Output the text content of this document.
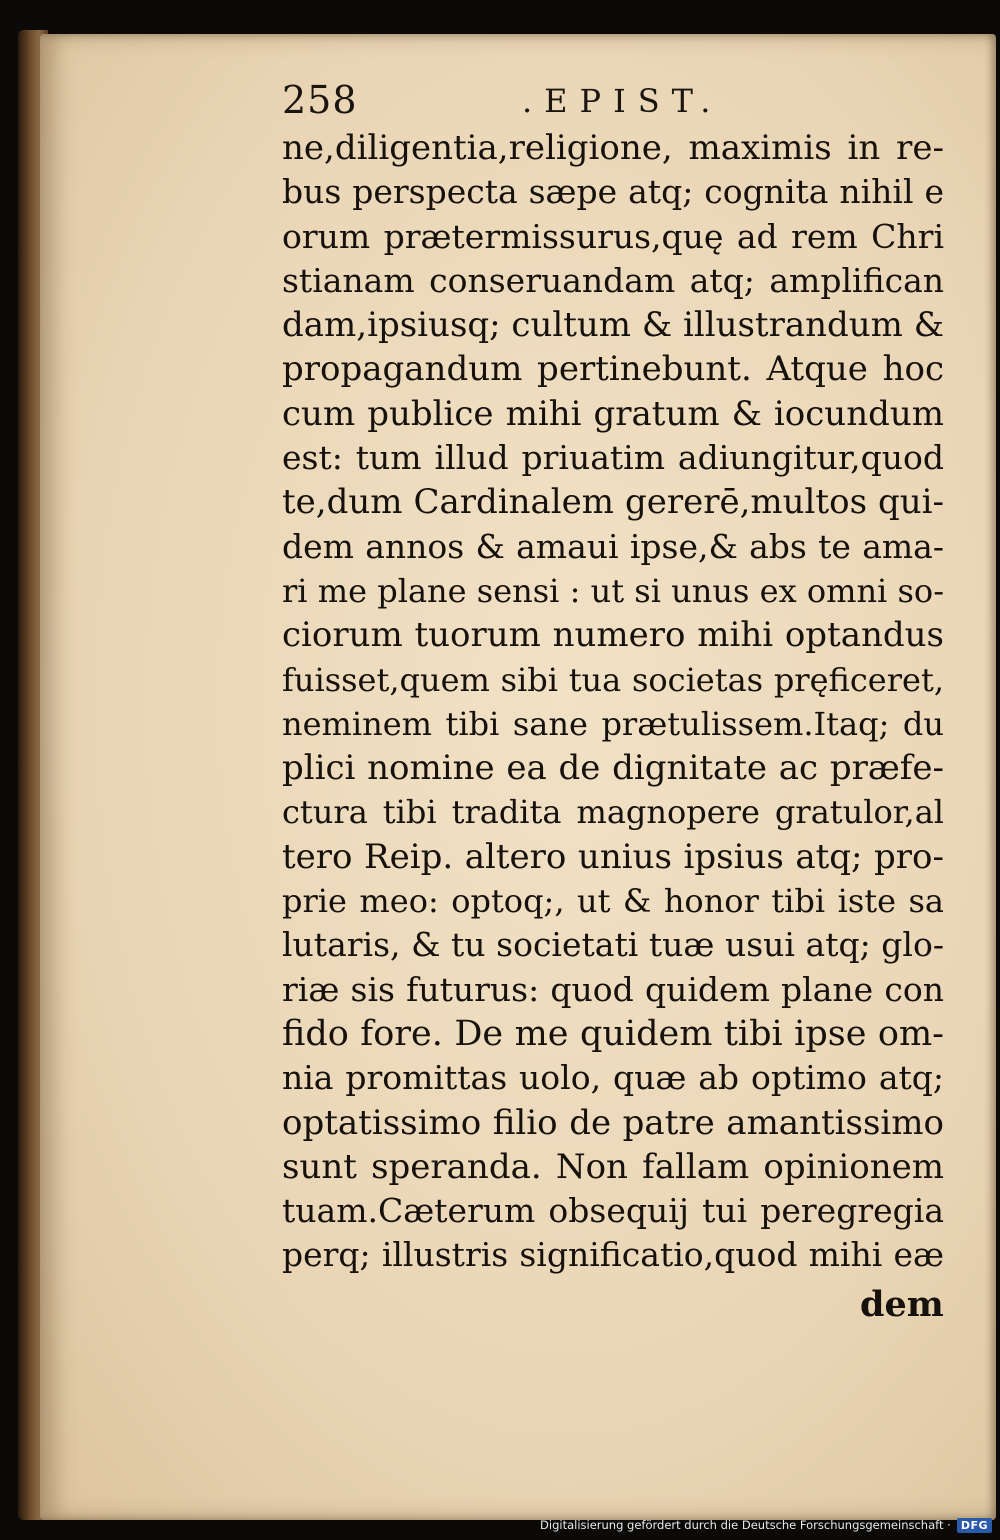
258	.EPIST.
ne,diligentia,religione, maximis in re-
bus perspecta sæpe atq; cognita nihil e
orum prætermissurus,quę ad rem Chri
stianam conseruandam atq; amplifican
dam,ipsiusq; cultum & illustrandum &
propagandum pertinebunt. Atque hoc
cum publice mihi gratum & iocundum
est: tum illud priuatim adiungitur,quod
te,dum Cardinalem gererē,multos qui-
dem annos & amaui ipse,& abs te ama-
ri me plane sensi : ut si unus ex omni so-
ciorum tuorum numero mihi optandus
fuisset,quem sibi tua societas pręficeret,
neminem tibi sane prætulissem.Itaq; du
plici nomine ea de dignitate ac præfe-
ctura tibi tradita magnopere gratulor,al
tero Reip. altero unius ipsius atq; pro-
prie meo: optoq;, ut & honor tibi iste sa
lutaris, & tu societati tuæ usui atq; glo-
riæ sis futurus: quod quidem plane con
fido fore. De me quidem tibi ipse om-
nia promittas uolo, quæ ab optimo atq;
optatissimo filio de patre amantissimo
sunt speranda. Non fallam opinionem
tuam.Cæterum obsequij tui peregregia
perq; illustris significatio,quod mihi eæ
dem
Digitalisierung gefördert durch die Deutsche Forschungsgemeinschaft · DFG
